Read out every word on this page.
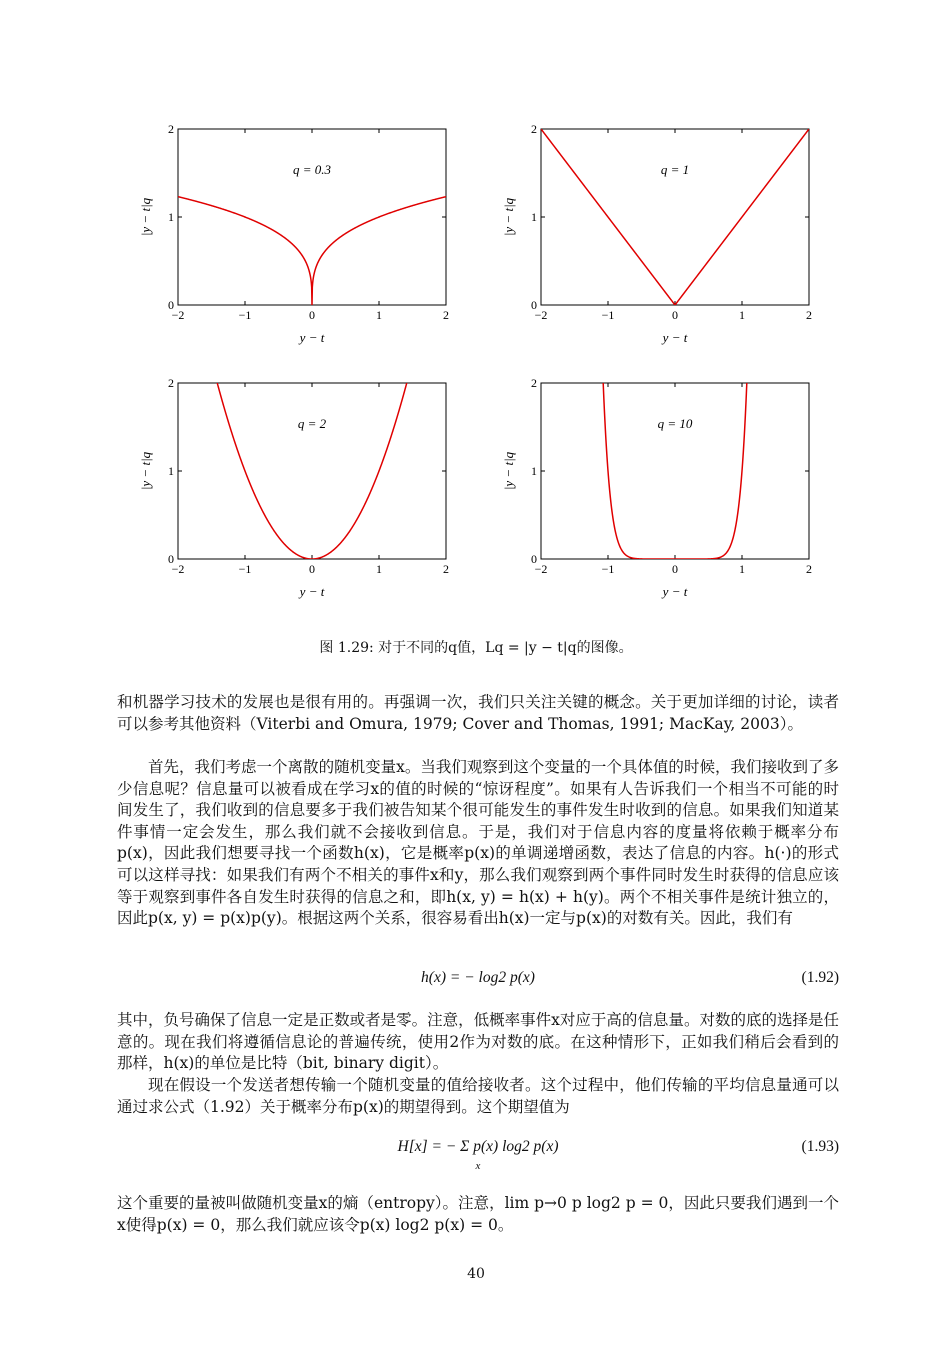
−2	−1	0	1	2
0
1
2
y − t
|y − t|q
q = 0.3
−2	−1	0	1	2
0
1
2
y − t
|y − t|q
q = 1
−2	−1	0	1	2
0
1
2
y − t
|y − t|q
q = 2
−2	−1	0	1	2
0
1
2
y − t
|y − t|q
q = 10
图 1.29: 对于不同的q值，Lq = |y − t|q的图像。

和机器学习技术的发展也是很有用的。再强调一次，我们只关注关键的概念。关于更加详细的讨论，读者可以参考其他资料（Viterbi and Omura, 1979; Cover and Thomas, 1991; MacKay, 2003）。

首先，我们考虑一个离散的随机变量x。当我们观察到这个变量的一个具体值的时候，我们接收到了多少信息呢？信息量可以被看成在学习x的值的时候的“惊讶程度”。如果有人告诉我们一个相当不可能的时间发生了，我们收到的信息要多于我们被告知某个很可能发生的事件发生时收到的信息。如果我们知道某件事情一定会发生，那么我们就不会接收到信息。于是，我们对于信息内容的度量将依赖于概率分布p(x)，因此我们想要寻找一个函数h(x)，它是概率p(x)的单调递增函数，表达了信息的内容。h(·)的形式可以这样寻找：如果我们有两个不相关的事件x和y，那么我们观察到两个事件同时发生时获得的信息应该等于观察到事件各自发生时获得的信息之和，即h(x, y) = h(x) + h(y)。两个不相关事件是统计独立的，因此p(x, y) = p(x)p(y)。根据这两个关系，很容易看出h(x)一定与p(x)的对数有关。因此，我们有

h(x) = − log2 p(x)	(1.92)

其中，负号确保了信息一定是正数或者是零。注意，低概率事件x对应于高的信息量。对数的底的选择是任意的。现在我们将遵循信息论的普遍传统，使用2作为对数的底。在这种情形下，正如我们稍后会看到的那样，h(x)的单位是比特（bit, binary digit）。

现在假设一个发送者想传输一个随机变量的值给接收者。这个过程中，他们传输的平均信息量通可以通过求公式（1.92）关于概率分布p(x)的期望得到。这个期望值为

H[x] = − Σ p(x) log2 p(x)
x
(1.93)

这个重要的量被叫做随机变量x的熵（entropy）。注意，lim p→0 p log2 p = 0，因此只要我们遇到一个x使得p(x) = 0，那么我们就应该令p(x) log2 p(x) = 0。

40
